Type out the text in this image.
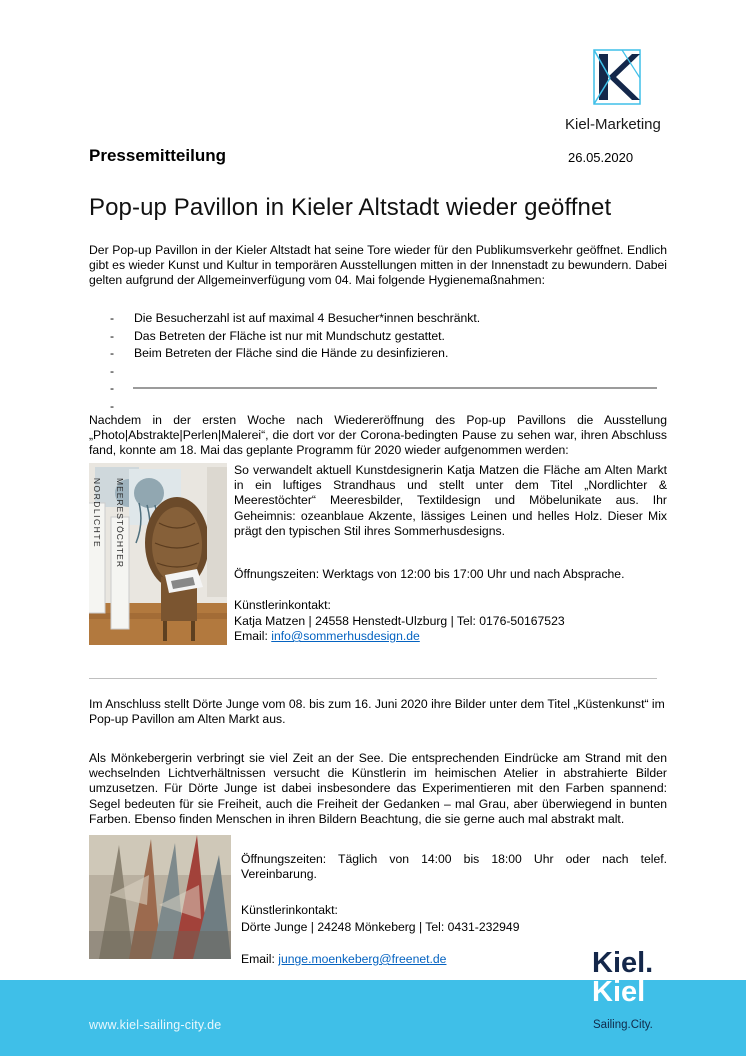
Kiel-Marketing
Pressemitteilung	26.05.2020
Pop-up Pavillon in Kieler Altstadt wieder geöffnet
Der Pop-up Pavillon in der Kieler Altstadt hat seine Tore wieder für den Publikumsverkehr geöffnet. Endlich gibt es wieder Kunst und Kultur in temporären Ausstellungen mitten in der Innenstadt zu bewundern. Dabei gelten aufgrund der Allgemeinverfügung vom 04. Mai folgende Hygienemaßnahmen:
- Die Besucherzahl ist auf maximal 4 Besucher*innen beschränkt.
- Das Betreten der Fläche ist nur mit Mundschutz gestattet.
- Beim Betreten der Fläche sind die Hände zu desinfizieren.
-
-
-
Nachdem in der ersten Woche nach Wiedereröffnung des Pop-up Pavillons die Ausstellung „Photo|Abstrakte|Perlen|Malerei“, die dort vor der Corona-bedingten Pause zu sehen war, ihren Abschluss fand, konnte am 18. Mai das geplante Programm für 2020 wieder aufgenommen werden:
NORDLICHTE MEERESTÖCHTER
So verwandelt aktuell Kunstdesignerin Katja Matzen die Fläche am Alten Markt in ein luftiges Strandhaus und stellt unter dem Titel „Nordlichter & Meerestöchter“ Meeresbilder, Textildesign und Möbelunikate aus. Ihr Geheimnis: ozeanblaue Akzente, lässiges Leinen und helles Holz. Dieser Mix prägt den typischen Stil ihres Sommerhusdesigns.
Öffnungszeiten: Werktags von 12:00 bis 17:00 Uhr und nach Absprache.
Künstlerinkontakt:
Katja Matzen | 24558 Henstedt-Ulzburg | Tel: 0176-50167523
Email: info@sommerhusdesign.de
Im Anschluss stellt Dörte Junge vom 08. bis zum 16. Juni 2020 ihre Bilder unter dem Titel „Küstenkunst“ im Pop-up Pavillon am Alten Markt aus.
Als Mönkebergerin verbringt sie viel Zeit an der See. Die entsprechenden Eindrücke am Strand mit den wechselnden Lichtverhältnissen versucht die Künstlerin im heimischen Atelier in abstrahierte Bilder umzusetzen. Für Dörte Junge ist dabei insbesondere das Experimentieren mit den Farben spannend: Segel bedeuten für sie Freiheit, auch die Freiheit der Gedanken – mal Grau, aber überwiegend in bunten Farben. Ebenso finden Menschen in ihren Bildern Beachtung, die sie gerne auch mal abstrakt malt.
Öffnungszeiten: Täglich von 14:00 bis 18:00 Uhr oder nach telef. Vereinbarung.
Künstlerinkontakt:
Dörte Junge | 24248 Mönkeberg | Tel: 0431-232949
Email: junge.moenkeberg@freenet.de
www.kiel-sailing-city.de
Kiel.
Kiel
Sailing.City.
